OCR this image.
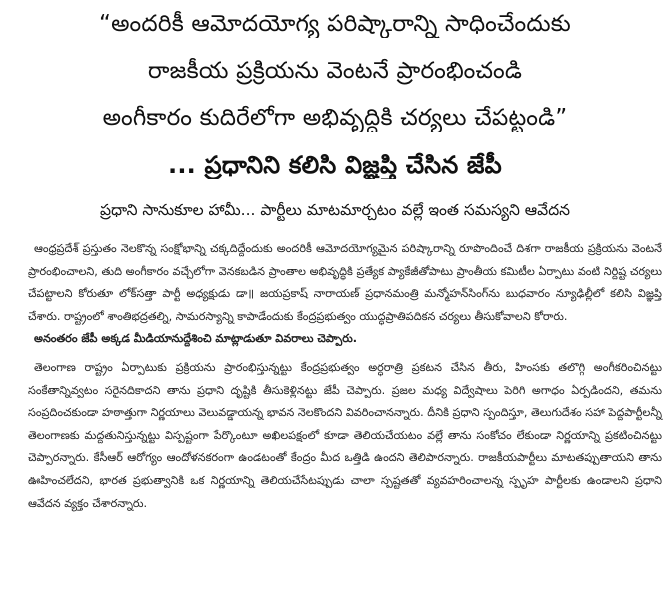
“అందరికీ ఆమోదయోగ్య పరిష్కారాన్ని సాధించేందుకు
రాజకీయ ప్రక్రియను వెంటనే ప్రారంభించండి
అంగీకారం కుదిరేలోగా అభివృద్ధికి చర్యలు చేపట్టండి”
... ప్రధానిని కలిసి విజ్ఞప్తి చేసిన జేపీ
ప్రధాని సానుకూల హామీ... పార్టీలు మాటమార్చటం వల్లే ఇంత సమస్యని ఆవేదన

ఆంధ్రప్రదేశ్ ప్రస్తుతం నెలకొన్న సంక్షోభాన్ని చక్కదిద్దేందుకు అందరికీ ఆమోదయోగ్యమైన పరిష్కారాన్ని రూపొందించే దిశగా రాజకీయ ప్రక్రియను వెంటనే ప్రారంభించాలని, తుది అంగీకారం వచ్చేలోగా వెనకబడిన ప్రాంతాల అభివృద్ధికి ప్రత్యేక ప్యాకేజీతోపాటు ప్రాంతీయ కమిటీల ఏర్పాటు వంటి నిర్దిష్ట చర్యలు చేపట్టాలని కోరుతూ లోక్‌సత్తా పార్టీ అధ్యక్షుడు డా॥ జయప్రకాష్ నారాయణ్ ప్రధానమంత్రి మన్మోహన్‌సింగ్‌ను బుధవారం న్యూఢిల్లీలో కలిసి విజ్ఞప్తి చేశారు. రాష్ట్రంలో శాంతిభద్రతల్ని, సామరస్యాన్ని కాపాడేందుకు కేంద్రప్రభుత్వం యుద్ధప్రాతిపదికన చర్యలు తీసుకోవాలని కోరారు.

అనంతరం జేపీ అక్కడ మీడియానుద్దేశించి మాట్లాడుతూ వివరాలు చెప్పారు.

తెలంగాణ రాష్ట్రం ఏర్పాటుకు ప్రక్రియను ప్రారంభిస్తున్నట్టు కేంద్రప్రభుత్వం అర్ధరాత్రి ప్రకటన చేసిన తీరు, హింసకు తలొగ్గి అంగీకరించినట్టు సంకేతాన్నివ్వటం సరైనదికాదని తాను ప్రధాని దృష్టికి తీసుకెళ్లినట్టు జేపీ చెప్పారు. ప్రజల మధ్య విద్వేషాలు పెరిగి అగాధం ఏర్పడిందని, తమను సంప్రదించకుండా హఠాత్తుగా నిర్ణయాలు వెలువడ్డాయన్న భావన నెలకొందని వివరించానన్నారు. దీనికి ప్రధాని స్పందిస్తూ, తెలుగుదేశం సహా పెద్దపార్టీలన్నీ తెలంగాణకు మద్దతునిస్తున్నట్టు విస్పష్టంగా పేర్కొంటూ అఖిలపక్షంలో కూడా తెలియచేయటం వల్లే తాను సంకోచం లేకుండా నిర్ణయాన్ని ప్రకటించినట్టు చెప్పారన్నారు. కేసీఆర్ ఆరోగ్యం ఆందోళనకరంగా ఉండటంతో కేంద్రం మీద ఒత్తిడి ఉందని తెలిపారన్నారు. రాజకీయపార్టీలు మాటతప్పుతాయని తాను ఊహించలేదని, భారత ప్రభుత్వానికి ఒక నిర్ణయాన్ని తెలియచేసేటప్పుడు చాలా స్పష్టతతో వ్యవహరించాలన్న స్పృహ పార్టీలకు ఉండాలని ప్రధాని ఆవేదన వ్యక్తం చేశారన్నారు.
